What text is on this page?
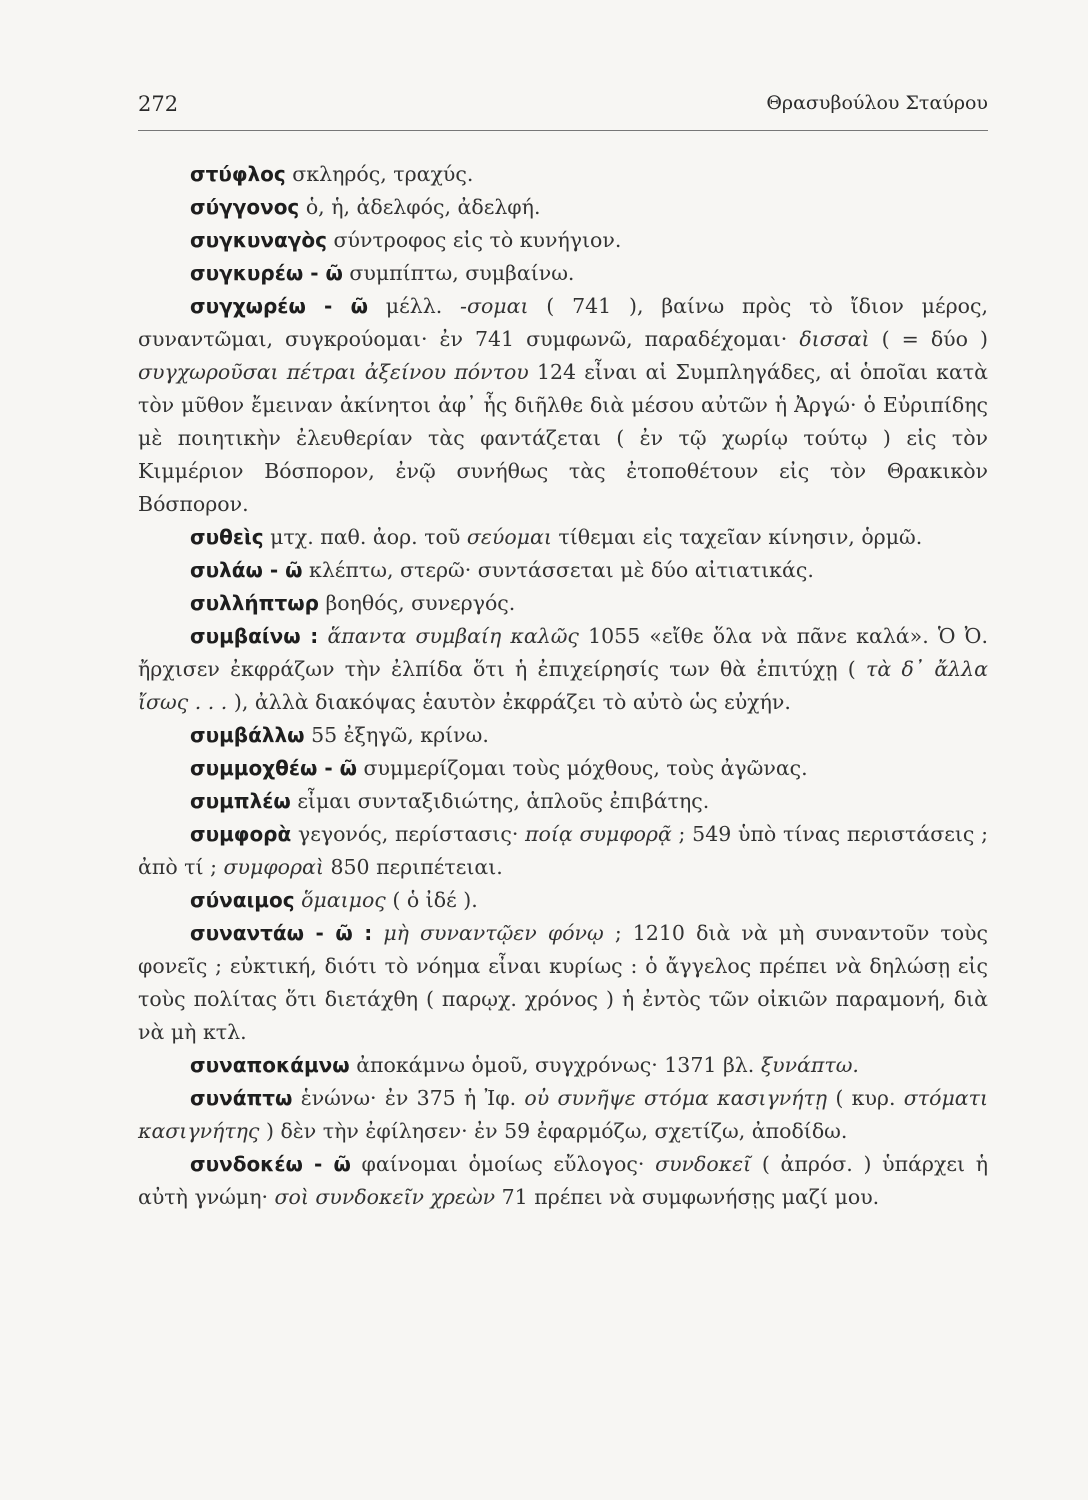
272	Θρασυβούλου Σταύρου

στύφλος σκληρός, τραχύς.

σύγγονος ὁ, ἡ, ἀδελφός, ἀδελφή.

συγκυναγὸς σύντροφος εἰς τὸ κυνήγιον.

συγκυρέω - ῶ συμπίπτω, συμβαίνω.

συγχωρέω - ῶ μέλλ. -σομαι ( 741 ), βαίνω πρὸς τὸ ἴδιον μέρος, συναντῶμαι, συγκρούομαι· ἐν 741 συμφωνῶ, παραδέχομαι· δισσαὶ ( = δύο ) συγχωροῦσαι πέτραι ἀξείνου πόντου 124 εἶναι αἱ Συμπληγάδες, αἱ ὁποῖαι κατὰ τὸν μῦθον ἔμειναν ἀκίνητοι ἀφ᾽ ἧς διῆλθε διὰ μέσου αὐτῶν ἡ Ἀργώ· ὁ Εὐριπίδης μὲ ποιητικὴν ἐλευθερίαν τὰς φαντάζεται ( ἐν τῷ χωρίῳ τούτῳ ) εἰς τὸν Κιμμέριον Βόσπορον, ἐνῷ συνήθως τὰς ἐτοποθέτουν εἰς τὸν Θρακικὸν Βόσπορον.

συθεὶς μτχ. παθ. ἀορ. τοῦ σεύομαι τίθεμαι εἰς ταχεῖαν κίνησιν, ὁρμῶ.

συλάω - ῶ κλέπτω, στερῶ· συντάσσεται μὲ δύο αἰτιατικάς.

συλλήπτωρ βοηθός, συνεργός.

συμβαίνω : ἅπαντα συμβαίη καλῶς 1055 «εἴθε ὅλα νὰ πᾶνε καλά». Ὁ Ὀ. ἤρχισεν ἐκφράζων τὴν ἐλπίδα ὅτι ἡ ἐπιχείρησίς των θὰ ἐπιτύχῃ ( τὰ δ᾽ ἄλλα ἴσως . . . ), ἀλλὰ διακόψας ἑαυτὸν ἐκφράζει τὸ αὐτὸ ὡς εὐχήν.

συμβάλλω 55 ἐξηγῶ, κρίνω.

συμμοχθέω - ῶ συμμερίζομαι τοὺς μόχθους, τοὺς ἀγῶνας.

συμπλέω εἶμαι συνταξιδιώτης, ἁπλοῦς ἐπιβάτης.

συμφορὰ γεγονός, περίστασις· ποίᾳ συμφορᾷ ; 549 ὑπὸ τίνας περιστάσεις ; ἀπὸ τί ; συμφοραὶ 850 περιπέτειαι.

σύναιμος ὅμαιμος ( ὁ ἰδέ ).

συναντάω - ῶ : μὴ συναντῷεν φόνῳ ; 1210 διὰ νὰ μὴ συναντοῦν τοὺς φονεῖς ; εὐκτική, διότι τὸ νόημα εἶναι κυρίως : ὁ ἄγγελος πρέπει νὰ δηλώσῃ εἰς τοὺς πολίτας ὅτι διετάχθη ( παρῳχ. χρόνος ) ἡ ἐντὸς τῶν οἰκιῶν παραμονή, διὰ νὰ μὴ κτλ.

συναποκάμνω ἀποκάμνω ὁμοῦ, συγχρόνως· 1371 βλ. ξυνάπτω.

συνάπτω ἑνώνω· ἐν 375 ἡ Ἰφ. οὐ συνῆψε στόμα κασιγνήτῃ ( κυρ. στόματι κασιγνήτης ) δὲν τὴν ἐφίλησεν· ἐν 59 ἐφαρμόζω, σχετίζω, ἀποδίδω.

συνδοκέω - ῶ φαίνομαι ὁμοίως εὔλογος· συνδοκεῖ ( ἀπρόσ. ) ὑπάρχει ἡ αὐτὴ γνώμη· σοὶ συνδοκεῖν χρεὼν 71 πρέπει νὰ συμφωνήσῃς μαζί μου.
